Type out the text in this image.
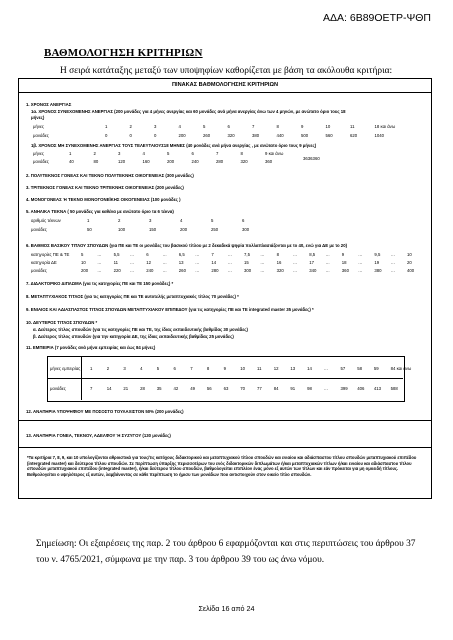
ΑΔΑ: 6Β89ΟΕΤΡ-ΨΘΠ
ΒΑΘΜΟΛΟΓΗΣΗ ΚΡΙΤΗΡΙΩΝ
Η σειρά κατάταξης μεταξύ των υποψηφίων καθορίζεται με βάση τα ακόλουθα κριτήρια:
ΠΙΝΑΚΑΣ ΒΑΘΜΟΛΟΓΗΣΗΣ ΚΡΙΤΗΡΙΩΝ
1. ΧΡΟΝΟΣ ΑΝΕΡΓΙΑΣ
1α. ΧΡΟΝΟΣ ΣΥΝΕΧΟΜΕΝΗΣ ΑΝΕΡΓΙΑΣ (200 μονάδες για 4 μήνες ανεργίας και 60 μονάδες ανά μήνα ανεργίας άνω των 4 μηνών, με ανώτατο όριο τους 18
μήνες)
μήνες	1	2	3	4	5	6	7	8	9	10	11	18 και άνω
μονάδες	0	0	0	200	260	320	380	440	500	560	620	1040
1β. ΧΡΟΝΟΣ ΜΗ ΣΥΝΕΧΟΜΕΝΗΣ ΑΝΕΡΓΙΑΣ ΤΟΥΣ ΤΕΛΕΥΤΑΙΟΥΣ18 ΜΗΝΕΣ (40 μονάδες ανά μήνα ανεργίας , με ανώτατο όριο τους 9 μήνες)
μήνες	1	2	3	4	5	6	7	8	9 και άνω
3636360
μονάδες	40	80	120	160	200	240	280	320	360
2. ΠΟΛΥΤΕΚΝΟΣ ΓΟΝΕΑΣ ΚΑΙ ΤΕΚΝΟ ΠΟΛΥΤΕΚΝΗΣ ΟΙΚΟΓΕΝΕΙΑΣ (300 μονάδες)
3. ΤΡΙΤΕΚΝΟΣ ΓΟΝΕΑΣ ΚΑΙ ΤΕΚΝΟ ΤΡΙΤΕΚΝΗΣ ΟΙΚΟΓΕΝΕΙΑΣ (200 μονάδες)
4. ΜΟΝΟΓΟΝΕΑΣ Ή ΤΕΚΝΟ ΜΟΝΟΓΟΝΕΪΚΗΣ ΟΙΚΟΓΕΝΕΙΑΣ (100 μονάδες )
5. ΑΝΗΛΙΚΑ ΤΕΚΝΑ ( 50 μονάδες για καθένα με ανώτατο όριο τα 6 τέκνα)
αριθμός τέκνων	1	2	3	4	5	6
μονάδες	50	100	150	200	250	300
6. ΒΑΘΜΟΣ ΒΑΣΙΚΟΥ ΤΙΤΛΟΥ ΣΠΟΥΔΩΝ (για ΠΕ και ΤΕ οι μονάδες του βασικού τίτλου με 2 δεκαδικά ψηφία πολλαπλασιάζονται με το 40, ενώ για ΔΕ με το 20)
κατηγορίες ΠΕ & ΤΕ	5	…	5,5 …	6	…	6,5 …	7	…	7,5 …	8	…	8,5 …	9	…	9,5 …	10
κατηγορία ΔΕ	10	…	11	…	12	…	13	…	14	…	15	…	16	…	17	…	18	…	19	…	20
μονάδες	200 …	220 …	240 …	260 …	280 …	300 …	320 …	340 …	360 …	380 …	400
7. ΔΙΔΑΚΤΟΡΙΚΟ ΔΙΠΛΩΜΑ (για τις κατηγορίες ΠΕ και ΤΕ 150 μονάδες) *
8. ΜΕΤΑΠΤΥΧΙΑΚΟΣ ΤΙΤΛΟΣ (για τις κατηγορίες ΠΕ και ΤΕ αυτοτελής μεταπτυχιακός τίτλος 70 μονάδες) *
9. ΕΝΙΑΙΟΣ ΚΑΙ ΑΔΙΑΣΠΑΣΤΟΣ ΤΙΤΛΟΣ ΣΠΟΥΔΩΝ ΜΕΤΑΠΤΥΧΙΑΚΟΥ ΕΠΙΠΕΔΟΥ (για τις κατηγορίες ΠΕ και ΤΕ integrated master 35 μονάδες) *
10. ΔΕΥΤΕΡΟΣ ΤΙΤΛΟΣ ΣΠΟΥΔΩΝ *
α. Δεύτερος τίτλος σπουδών (για τις κατηγορίες ΠΕ και ΤΕ, της ίδιας εκπαιδευτικής βαθμίδας 30 μονάδες)
β. Δεύτερος τίτλος σπουδών (για την κατηγορία ΔΕ, της ίδιας εκπαιδευτικής βαθμίδας 25 μονάδες)
11. ΕΜΠΕΙΡΙΑ (7 μονάδες ανά μήνα εμπειρίας και έως 84 μήνες)
μήνες εμπειρίας 1	2	3	4	5	6	7	8	9	10	11	12	13	14	…	57	58	59	84 και άνω
μονάδες	7	14	21	28	35	42	49	56	63	70	77	84	91	98	…	399 406 413 588
12. ΑΝΑΠΗΡΙΑ ΥΠΟΨΗΦΙΟΥ ΜΕ ΠΟΣΟΣΤΟ ΤΟΥΛΑΧΙΣΤΟΝ 50% (200 μονάδες)
13. ΑΝΑΠΗΡΙΑ ΓΟΝΕΑ, ΤΕΚΝΟΥ, ΑΔΕΛΦΟΥ Ή ΣΥΖΥΓΟΥ (130 μονάδες)
*Τα κριτήρια 7, 8, 9, και 10 υπολογίζονται αθροιστικά για τους/τις κατόχους διδακτορικού και μεταπτυχιακού τίτλου σπουδών και ενιαίου και αδιάσπαστου τίτλου σπουδών μεταπτυχιακού επιπέδου (intergrated master) και δεύτερου τίτλου σπουδών. Σε περίπτωση ύπαρξης περισσοτέρων του ενός διδακτορικών διπλωμάτων ή/και μεταπτυχιακών τίτλων ή/και ενιαίου και αδιάσπαστου τίτλου σπουδών μεταπτυχιακού επιπέδου (integrated master), ή/και δεύτερου τίτλου σπουδών, βαθμολογείται επιπλέον ένας μόνο εξ αυτών των τίτλων και εάν πρόκειται για μη ομοειδή τίτλους. Βαθμολογείται ο υψηλότερος εξ αυτών, λαμβάνοντας σε κάθε περίπτωση το ήμισυ των μονάδων που αντιστοιχούν στον οικείο τίτλο σπουδών.
Σημείωση: Οι εξαιρέσεις της παρ. 2 του άρθρου 6 εφαρμόζονται και στις περιπτώσεις του άρθρου 37 του ν. 4765/2021, σύμφωνα με την παρ. 3 του άρθρου 39 του ως άνω νόμου.
Σελίδα 16 από 24
